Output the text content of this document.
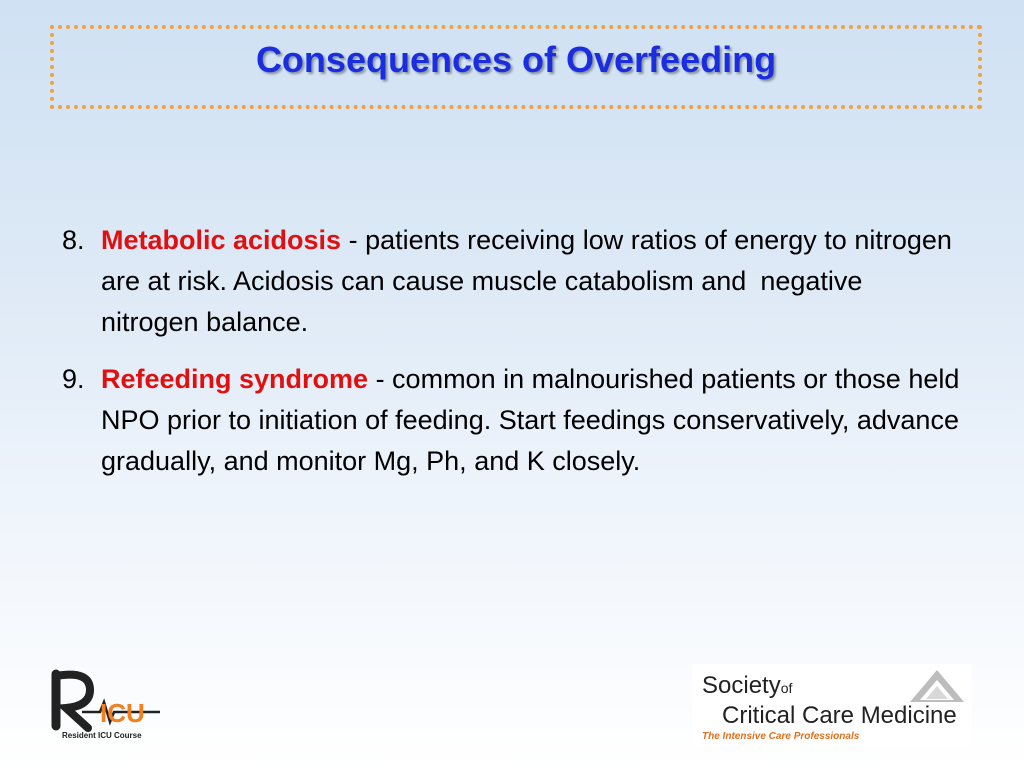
Consequences of Overfeeding
8. Metabolic acidosis - patients receiving low ratios of energy to nitrogen are at risk. Acidosis can cause muscle catabolism and negative nitrogen balance.
9. Refeeding syndrome - common in malnourished patients or those held NPO prior to initiation of feeding. Start feedings conservatively, advance gradually, and monitor Mg, Ph, and K closely.
ICU
Resident ICU Course
Societyof
Critical Care Medicine
The Intensive Care Professionals
